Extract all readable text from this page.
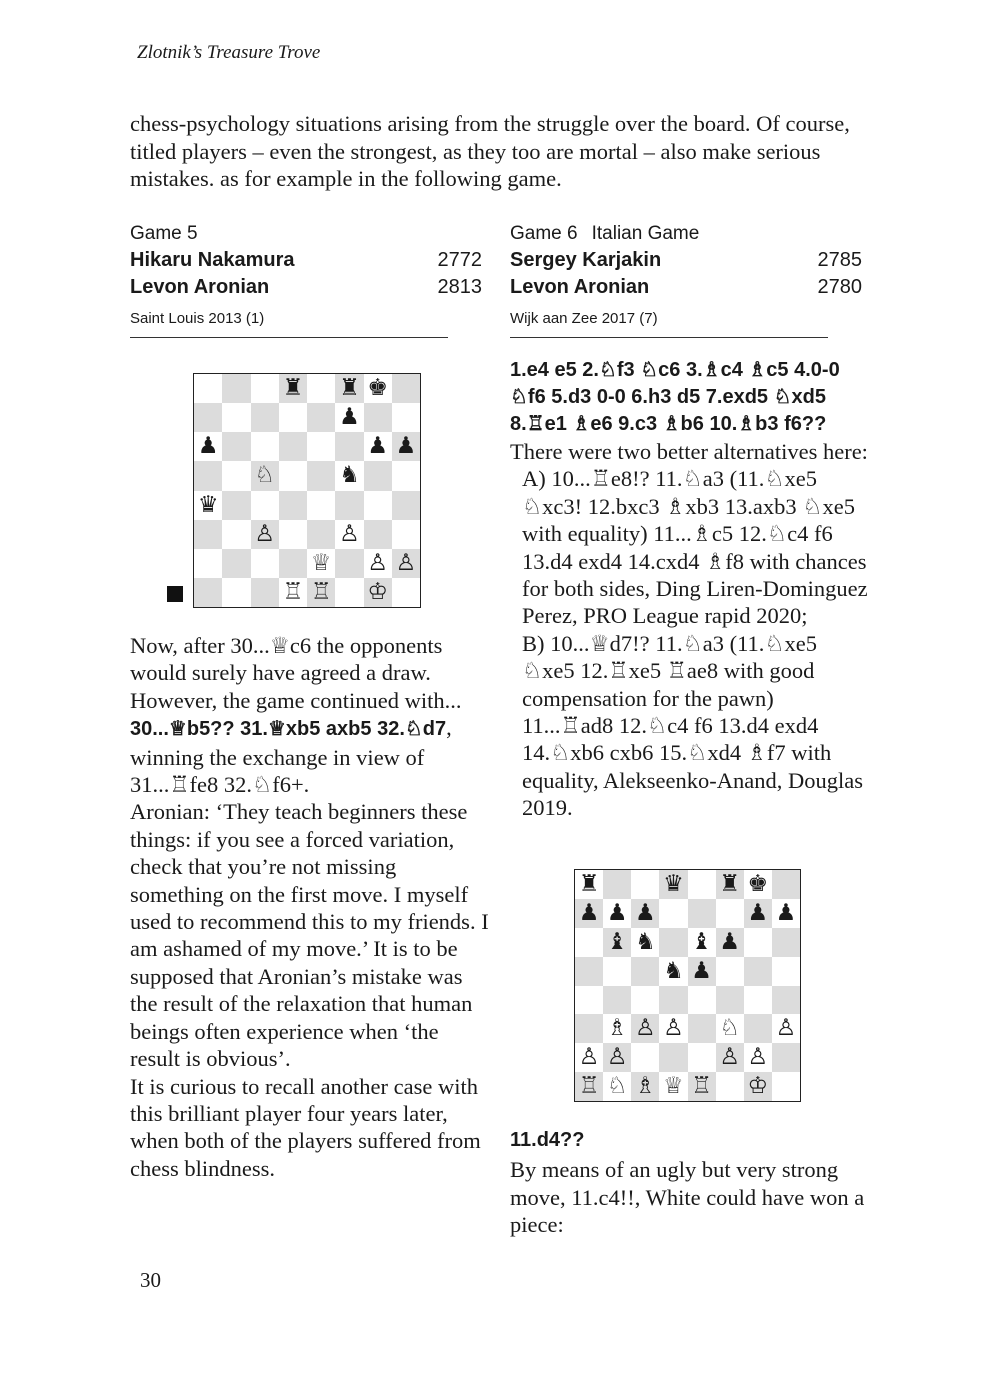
Zlotnik’s Treasure Trove
chess-psychology situations arising from the struggle over the board. Of course, titled players – even the strongest, as they too are mortal – also make serious mistakes. as for example in the following game.
Game 5
Hikaru Nakamura	2772
Levon Aronian	2813
Saint Louis 2013 (1)
Game 6 Italian Game
Sergey Karjakin	2785
Levon Aronian	2780
Wijk aan Zee 2017 (7)
♜ ♜ ♚
♟
♟	♟ ♟
♘	♞
♛
♙	♙
♕ ♙ ♙
♖ ♖ ♔

Now, after 30...♕c6 the opponents would surely have agreed a draw. However, the game continued with...

30...♕b5?? 31.♕xb5 axb5 32.♘d7, winning the exchange in view of 31...♖fe8 32.♘f6+.

Aronian: ‘They teach beginners these things: if you see a forced variation, check that you’re not missing something on the first move. I myself used to recommend this to my friends. I am ashamed of my move.’ It is to be supposed that Aronian’s mistake was the result of the relaxation that human beings often experience when ‘the result is obvious’.

It is curious to recall another case with this brilliant player four years later, when both of the players suffered from chess blindness.

1.e4 e5 2.♘f3 ♘c6 3.♗c4 ♗c5 4.0-0 ♘f6 5.d3 0-0 6.h3 d5 7.exd5 ♘xd5 8.♖e1 ♗e6 9.c3 ♗b6 10.♗b3 f6??

There were two better alternatives here:

A) 10...♖e8!? 11.♘a3 (11.♘xe5 ♘xc3! 12.bxc3 ♗xb3 13.axb3 ♘xe5 with equality) 11...♗c5 12.♘c4 f6 13.d4 exd4 14.cxd4 ♗f8 with chances for both sides, Ding Liren-Dominguez Perez, PRO League rapid 2020;

B) 10...♕d7!? 11.♘a3 (11.♘xe5 ♘xe5 12.♖xe5 ♖ae8 with good compensation for the pawn) 11...♖ad8 12.♘c4 f6 13.d4 exd4 14.♘xb6 cxb6 15.♘xd4 ♗f7 with equality, Alekseenko-Anand, Douglas 2019.

♜	♛ ♜ ♚
♟ ♟ ♟	♟ ♟
♝ ♞ ♝ ♟
♞ ♟
♗ ♙ ♙ ♘ ♙
♙ ♙	♙ ♙
♖ ♘ ♗ ♕ ♖ ♔

11.d4??

By means of an ugly but very strong move, 11.c4!!, White could have won a piece:

30
